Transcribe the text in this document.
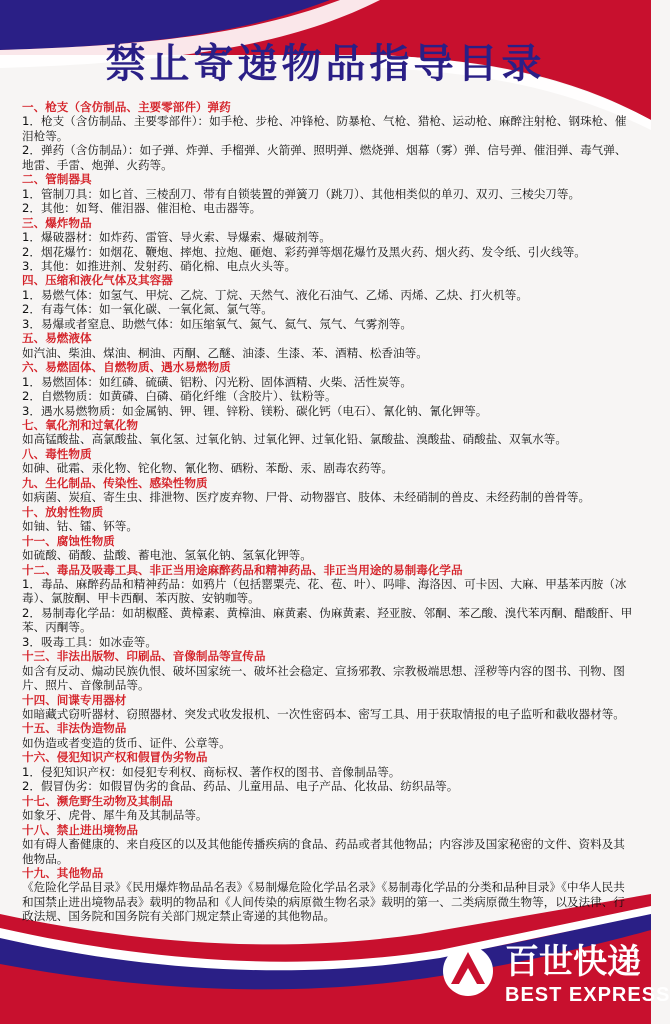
禁止寄递物品指导目录
一、枪支（含仿制品、主要零部件）弹药
1．枪支（含仿制品、主要零部件）：如手枪、步枪、冲锋枪、防暴枪、气枪、猎枪、运动枪、麻醉注射枪、钢珠枪、催泪枪等。
2．弹药（含仿制品）：如子弹、炸弹、手榴弹、火箭弹、照明弹、燃烧弹、烟幕（雾）弹、信号弹、催泪弹、毒气弹、地雷、手雷、炮弹、火药等。
二、管制器具
1．管制刀具：如匕首、三棱刮刀、带有自锁装置的弹簧刀（跳刀）、其他相类似的单刃、双刃、三棱尖刀等。
2．其他：如弩、催泪器、催泪枪、电击器等。
三、爆炸物品
1．爆破器材：如炸药、雷管、导火索、导爆索、爆破剂等。
2．烟花爆竹：如烟花、鞭炮、摔炮、拉炮、砸炮、彩药弹等烟花爆竹及黑火药、烟火药、发令纸、引火线等。
3．其他：如推进剂、发射药、硝化棉、电点火头等。
四、压缩和液化气体及其容器
1．易燃气体：如氢气、甲烷、乙烷、丁烷、天然气、液化石油气、乙烯、丙烯、乙炔、打火机等。
2．有毒气体：如一氧化碳、一氧化氮、氯气等。
3．易爆或者窒息、助燃气体：如压缩氧气、氮气、氦气、氖气、气雾剂等。
五、易燃液体
如汽油、柴油、煤油、桐油、丙酮、乙醚、油漆、生漆、苯、酒精、松香油等。
六、易燃固体、自燃物质、遇水易燃物质
1．易燃固体：如红磷、硫磺、铝粉、闪光粉、固体酒精、火柴、活性炭等。
2．自燃物质：如黄磷、白磷、硝化纤维（含胶片）、钛粉等。
3．遇水易燃物质：如金属钠、钾、锂、锌粉、镁粉、碳化钙（电石）、氰化钠、氰化钾等。
七、氧化剂和过氧化物
如高锰酸盐、高氯酸盐、氧化氢、过氧化钠、过氧化钾、过氧化铅、氯酸盐、溴酸盐、硝酸盐、双氧水等。
八、毒性物质
如砷、砒霜、汞化物、铊化物、氰化物、硒粉、苯酚、汞、剧毒农药等。
九、生化制品、传染性、感染性物质
如病菌、炭疽、寄生虫、排泄物、医疗废弃物、尸骨、动物器官、肢体、未经硝制的兽皮、未经药制的兽骨等。
十、放射性物质
如铀、钴、镭、钚等。
十一、腐蚀性物质
如硫酸、硝酸、盐酸、蓄电池、氢氧化钠、氢氧化钾等。
十二、毒品及吸毒工具、非正当用途麻醉药品和精神药品、非正当用途的易制毒化学品
1．毒品、麻醉药品和精神药品：如鸦片（包括罂粟壳、花、苞、叶）、吗啡、海洛因、可卡因、大麻、甲基苯丙胺（冰毒）、氯胺酮、甲卡西酮、苯丙胺、安钠咖等。
2．易制毒化学品：如胡椒醛、黄樟素、黄樟油、麻黄素、伪麻黄素、羟亚胺、邻酮、苯乙酸、溴代苯丙酮、醋酸酐、甲苯、丙酮等。
3．吸毒工具：如冰壶等。
十三、非法出版物、印刷品、音像制品等宣传品
如含有反动、煽动民族仇恨、破坏国家统一、破坏社会稳定、宣扬邪教、宗教极端思想、淫秽等内容的图书、刊物、图片、照片、音像制品等。
十四、间谍专用器材
如暗藏式窃听器材、窃照器材、突发式收发报机、一次性密码本、密写工具、用于获取情报的电子监听和截收器材等。
十五、非法伪造物品
如伪造或者变造的货币、证件、公章等。
十六、侵犯知识产权和假冒伪劣物品
1．侵犯知识产权：如侵犯专利权、商标权、著作权的图书、音像制品等。
2．假冒伪劣：如假冒伪劣的食品、药品、儿童用品、电子产品、化妆品、纺织品等。
十七、濒危野生动物及其制品
如象牙、虎骨、犀牛角及其制品等。
十八、禁止进出境物品
如有碍人畜健康的、来自疫区的以及其他能传播疾病的食品、药品或者其他物品；内容涉及国家秘密的文件、资料及其他物品。
十九、其他物品
《危险化学品目录》《民用爆炸物品品名表》《易制爆危险化学品名录》《易制毒化学品的分类和品种目录》《中华人民共和国禁止进出境物品表》载明的物品和《人间传染的病原微生物名录》载明的第一、二类病原微生物等，以及法律、行政法规、国务院和国务院有关部门规定禁止寄递的其他物品。
百世快递
BEST EXPRESS
